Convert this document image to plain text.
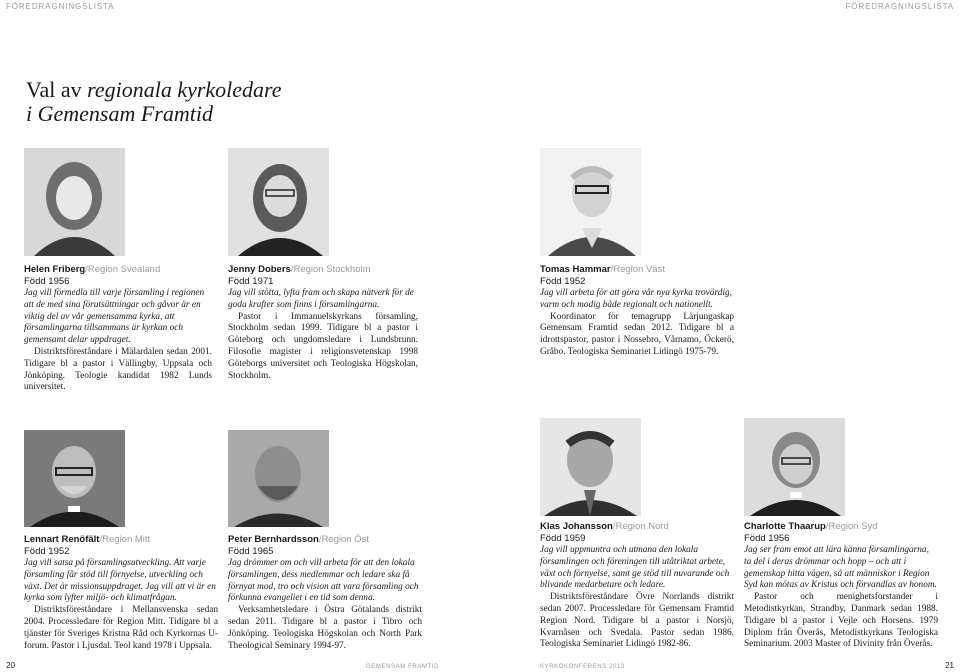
FÖREDRAGNINGSLISTA	FÖREDRAGNINGSLISTA
Val av regionala kyrkoledare
i Gemensam Framtid

Helen Friberg/Region Svealand

Född 1956

Jag vill förmedla till varje församling i regionen att de med sina förutsättningar och gåvor är en viktig del av vår gemensamma kyrka, att församlingarna tillsammans är kyrkan och gemensamt delar uppdraget.

Distriktsföreståndare i Mälardalen sedan 2001. Tidigare bl a pastor i Vällingby, Uppsala och Jönköping. Teologie kandidat 1982 Lunds universitet.

Jenny Dobers/Region Stockholm

Född 1971

Jag vill stötta, lyfta fram och skapa nätverk för de goda krafter som finns i församlingarna.

Pastor i Immanuelskyrkans församling, Stockholm sedan 1999. Tidigare bl a pastor i Göteborg och ungdomsledare i Lundsbrunn. Filosofie magister i religionsvetenskap 1998 Göteborgs universitet och Teologiska Högskolan, Stockholm.

Tomas Hammar/Region Väst

Född 1952

Jag vill arbeta för att göra vår nya kyrka trovärdig, varm och modig både regionalt och nationellt.

Koordinator för temagrupp Lärjungaskap Gemensam Framtid sedan 2012. Tidigare bl a idrottspastor, pastor i Nossebro, Vårnamo, Öckerö, Gråbo. Teologiska Seminariet Lidingö 1975-79.

Lennart Renöfält/Region Mitt

Född 1952

Jag vill satsa på församlingsutveckling. Att varje församling får stöd till förnyelse, utveckling och växt. Det är missionsuppdraget. Jag vill att vi är en kyrka som lyfter miljö- och klimatfrågan.

Distriktsföreståndare i Mellansvenska sedan 2004. Processledare för Region Mitt. Tidigare bl a tjänster för Sveriges Kristna Råd och Kyrkornas U-forum. Pastor i Ljusdal. Teol kand 1978 i Uppsala.

Peter Bernhardsson/Region Öst

Född 1965

Jag drömmer om och vill arbeta för att den lokala församlingen, dess medlemmar och ledare ska få förnyat mod, tro och vision att vara församling och förkunna evangeliet i en tid som denna.

Verksamhetsledare i Östra Götalands distrikt sedan 2011. Tidigare bl a pastor i Tibro och Jönköping. Teologiska Högskolan och North Park Theological Seminary 1994-97.

Klas Johansson/Region Nord

Född 1959

Jag vill uppmuntra och utmana den lokala församlingen och föreningen till utåtriktat arbete, växt och förnyelse, samt ge stöd till nuvarande och blivande medarbetare och ledare.

Distriktsföreståndare Övre Norrlands distrikt sedan 2007. Processledare för Gemensam Framtid Region Nord. Tidigare bl a pastor i Norsjö, Kvarnåsen och Svedala. Pastor sedan 1986. Teologiska Seminariet Lidingö 1982-86.

Charlotte Thaarup/Region Syd

Född 1956

Jag ser fram emot att lära känna församlingarna, ta del i deras drömmar och hopp – och att i gemenskap hitta vägen, så att människor i Region Syd kan mötas av Kristus och förvandlas av honom.

Pastor och menighetsforstander i Metodistkyrkan, Strandby, Danmark sedan 1988. Tidigare bl a pastor i Vejle och Horsens. 1979 Diplom från Överås, Metodistkyrkans Teologiska Seminarium. 2003 Master of Divinity från Överås.

20	GEMENSAM FRAMTID	KYRKOKONFERENS 2013	21
